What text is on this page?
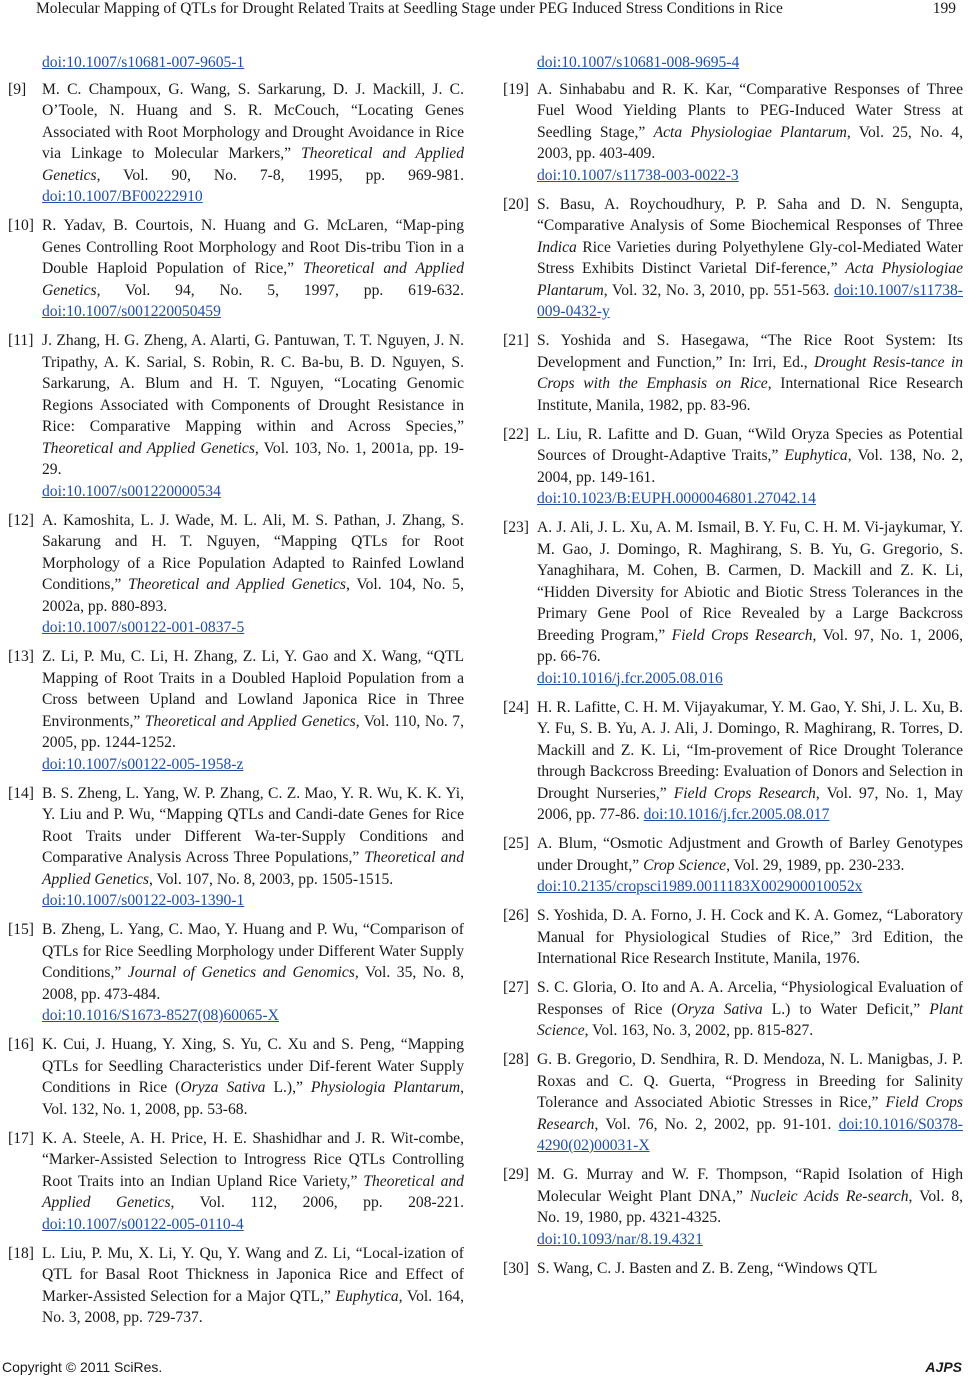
Molecular Mapping of QTLs for Drought Related Traits at Seedling Stage under PEG Induced Stress Conditions in Rice	199
doi:10.1007/s10681-007-9605-1
[9] M. C. Champoux, G. Wang, S. Sarkarung, D. J. Mackill, J. C. O’Toole, N. Huang and S. R. McCouch, “Locating Genes Associated with Root Morphology and Drought Avoidance in Rice via Linkage to Molecular Markers,” Theoretical and Applied Genetics, Vol. 90, No. 7-8, 1995, pp. 969-981. doi:10.1007/BF00222910
[10] R. Yadav, B. Courtois, N. Huang and G. McLaren, “Map-ping Genes Controlling Root Morphology and Root Dis-tribu Tion in a Double Haploid Population of Rice,” Theoretical and Applied Genetics, Vol. 94, No. 5, 1997, pp. 619-632. doi:10.1007/s001220050459
[11] J. Zhang, H. G. Zheng, A. Alarti, G. Pantuwan, T. T. Nguyen, J. N. Tripathy, A. K. Sarial, S. Robin, R. C. Ba-bu, B. D. Nguyen, S. Sarkarung, A. Blum and H. T. Nguyen, “Locating Genomic Regions Associated with Components of Drought Resistance in Rice: Comparative Mapping within and Across Species,” Theoretical and Applied Genetics, Vol. 103, No. 1, 2001a, pp. 19-29.
doi:10.1007/s001220000534
[12] A. Kamoshita, L. J. Wade, M. L. Ali, M. S. Pathan, J. Zhang, S. Sakarung and H. T. Nguyen, “Mapping QTLs for Root Morphology of a Rice Population Adapted to Rainfed Lowland Conditions,” Theoretical and Applied Genetics, Vol. 104, No. 5, 2002a, pp. 880-893.
doi:10.1007/s00122-001-0837-5
[13] Z. Li, P. Mu, C. Li, H. Zhang, Z. Li, Y. Gao and X. Wang, “QTL Mapping of Root Traits in a Doubled Haploid Population from a Cross between Upland and Lowland Japonica Rice in Three Environments,” Theoretical and Applied Genetics, Vol. 110, No. 7, 2005, pp. 1244-1252.
doi:10.1007/s00122-005-1958-z
[14] B. S. Zheng, L. Yang, W. P. Zhang, C. Z. Mao, Y. R. Wu, K. K. Yi, Y. Liu and P. Wu, “Mapping QTLs and Candi-date Genes for Rice Root Traits under Different Wa-ter-Supply Conditions and Comparative Analysis Across Three Populations,” Theoretical and Applied Genetics, Vol. 107, No. 8, 2003, pp. 1505-1515.
doi:10.1007/s00122-003-1390-1
[15] B. Zheng, L. Yang, C. Mao, Y. Huang and P. Wu, “Comparison of QTLs for Rice Seedling Morphology under Different Water Supply Conditions,” Journal of Genetics and Genomics, Vol. 35, No. 8, 2008, pp. 473-484.
doi:10.1016/S1673-8527(08)60065-X
[16] K. Cui, J. Huang, Y. Xing, S. Yu, C. Xu and S. Peng, “Mapping QTLs for Seedling Characteristics under Dif-ferent Water Supply Conditions in Rice (Oryza Sativa L.),” Physiologia Plantarum, Vol. 132, No. 1, 2008, pp. 53-68.
[17] K. A. Steele, A. H. Price, H. E. Shashidhar and J. R. Wit-combe, “Marker-Assisted Selection to Introgress Rice QTLs Controlling Root Traits into an Indian Upland Rice Variety,” Theoretical and Applied Genetics, Vol. 112, 2006, pp. 208-221. doi:10.1007/s00122-005-0110-4
[18] L. Liu, P. Mu, X. Li, Y. Qu, Y. Wang and Z. Li, “Local-ization of QTL for Basal Root Thickness in Japonica Rice and Effect of Marker-Assisted Selection for a Major QTL,” Euphytica, Vol. 164, No. 3, 2008, pp. 729-737.
doi:10.1007/s10681-008-9695-4
[19] A. Sinhababu and R. K. Kar, “Comparative Responses of Three Fuel Wood Yielding Plants to PEG-Induced Water Stress at Seedling Stage,” Acta Physiologiae Plantarum, Vol. 25, No. 4, 2003, pp. 403-409.
doi:10.1007/s11738-003-0022-3
[20] S. Basu, A. Roychoudhury, P. P. Saha and D. N. Sengupta, “Comparative Analysis of Some Biochemical Responses of Three Indica Rice Varieties during Polyethylene Gly-col-Mediated Water Stress Exhibits Distinct Varietal Dif-ference,” Acta Physiologiae Plantarum, Vol. 32, No. 3, 2010, pp. 551-563. doi:10.1007/s11738-009-0432-y
[21] S. Yoshida and S. Hasegawa, “The Rice Root System: Its Development and Function,” In: Irri, Ed., Drought Resis-tance in Crops with the Emphasis on Rice, International Rice Research Institute, Manila, 1982, pp. 83-96.
[22] L. Liu, R. Lafitte and D. Guan, “Wild Oryza Species as Potential Sources of Drought-Adaptive Traits,” Euphytica, Vol. 138, No. 2, 2004, pp. 149-161.
doi:10.1023/B:EUPH.0000046801.27042.14
[23] A. J. Ali, J. L. Xu, A. M. Ismail, B. Y. Fu, C. H. M. Vi-jaykumar, Y. M. Gao, J. Domingo, R. Maghirang, S. B. Yu, G. Gregorio, S. Yanaghihara, M. Cohen, B. Carmen, D. Mackill and Z. K. Li, “Hidden Diversity for Abiotic and Biotic Stress Tolerances in the Primary Gene Pool of Rice Revealed by a Large Backcross Breeding Program,” Field Crops Research, Vol. 97, No. 1, 2006, pp. 66-76.
doi:10.1016/j.fcr.2005.08.016
[24] H. R. Lafitte, C. H. M. Vijayakumar, Y. M. Gao, Y. Shi, J. L. Xu, B. Y. Fu, S. B. Yu, A. J. Ali, J. Domingo, R. Maghirang, R. Torres, D. Mackill and Z. K. Li, “Im-provement of Rice Drought Tolerance through Backcross Breeding: Evaluation of Donors and Selection in Drought Nurseries,” Field Crops Research, Vol. 97, No. 1, May 2006, pp. 77-86. doi:10.1016/j.fcr.2005.08.017
[25] A. Blum, “Osmotic Adjustment and Growth of Barley Genotypes under Drought,” Crop Science, Vol. 29, 1989, pp. 230-233.
doi:10.2135/cropsci1989.0011183X002900010052x
[26] S. Yoshida, D. A. Forno, J. H. Cock and K. A. Gomez, “Laboratory Manual for Physiological Studies of Rice,” 3rd Edition, the International Rice Research Institute, Manila, 1976.
[27] S. C. Gloria, O. Ito and A. A. Arcelia, “Physiological Evaluation of Responses of Rice (Oryza Sativa L.) to Water Deficit,” Plant Science, Vol. 163, No. 3, 2002, pp. 815-827.
[28] G. B. Gregorio, D. Sendhira, R. D. Mendoza, N. L. Manigbas, J. P. Roxas and C. Q. Guerta, “Progress in Breeding for Salinity Tolerance and Associated Abiotic Stresses in Rice,” Field Crops Research, Vol. 76, No. 2, 2002, pp. 91-101. doi:10.1016/S0378-4290(02)00031-X
[29] M. G. Murray and W. F. Thompson, “Rapid Isolation of High Molecular Weight Plant DNA,” Nucleic Acids Re-search, Vol. 8, No. 19, 1980, pp. 4321-4325.
doi:10.1093/nar/8.19.4321
[30] S. Wang, C. J. Basten and Z. B. Zeng, “Windows QTL
Copyright © 2011 SciRes.	AJPS
